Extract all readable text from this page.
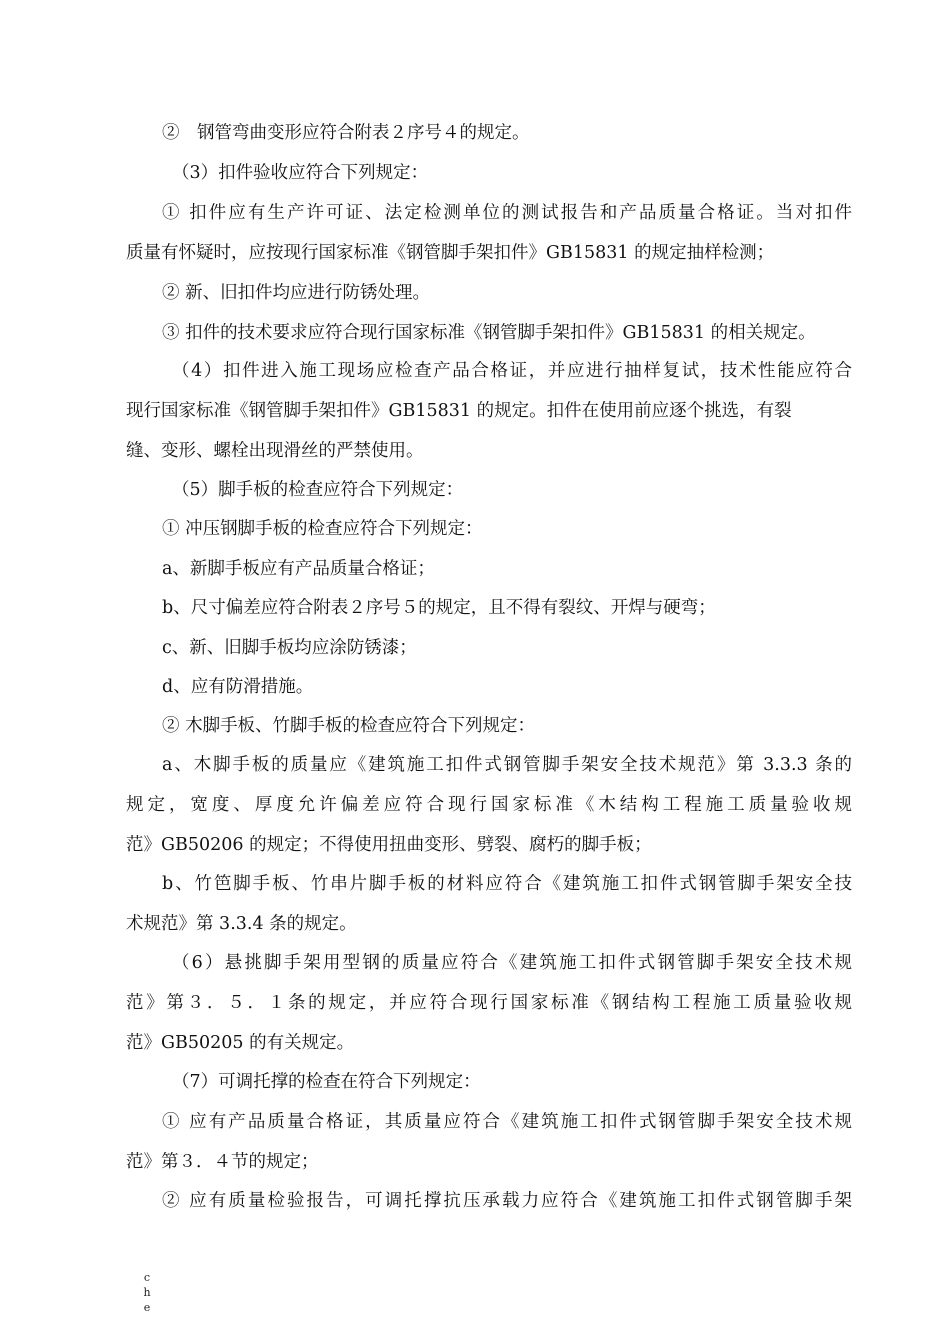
②　钢管弯曲变形应符合附表２序号４的规定。

（3）扣件验收应符合下列规定：

① 扣件应有生产许可证、法定检测单位的测试报告和产品质量合格证。当对扣件
质量有怀疑时，应按现行国家标准《钢管脚手架扣件》GB15831 的规定抽样检测；

② 新、旧扣件均应进行防锈处理。

③ 扣件的技术要求应符合现行国家标准《钢管脚手架扣件》GB15831 的相关规定。

（4）扣件进入施工现场应检查产品合格证，并应进行抽样复试，技术性能应符合
现行国家标准《钢管脚手架扣件》GB15831 的规定。扣件在使用前应逐个挑选，有裂
缝、变形、螺栓出现滑丝的严禁使用。

（5）脚手板的检查应符合下列规定：

① 冲压钢脚手板的检查应符合下列规定：

a、新脚手板应有产品质量合格证；

b、尺寸偏差应符合附表２序号５的规定，且不得有裂纹、开焊与硬弯；

c、新、旧脚手板均应涂防锈漆；

d、应有防滑措施。

② 木脚手板、竹脚手板的检查应符合下列规定：

a、木脚手板的质量应《建筑施工扣件式钢管脚手架安全技术规范》第 3.3.3 条的
规定，宽度、厚度允许偏差应符合现行国家标准《木结构工程施工质量验收规
范》GB50206 的规定；不得使用扭曲变形、劈裂、腐朽的脚手板；

b、竹笆脚手板、竹串片脚手板的材料应符合《建筑施工扣件式钢管脚手架安全技
术规范》第 3.3.4 条的规定。

（6）悬挑脚手架用型钢的质量应符合《建筑施工扣件式钢管脚手架安全技术规
范》第３．５．１条的规定，并应符合现行国家标准《钢结构工程施工质量验收规
范》GB50205 的有关规定。

（7）可调托撑的检查在符合下列规定：

① 应有产品质量合格证，其质量应符合《建筑施工扣件式钢管脚手架安全技术规
范》第３．４节的规定；

② 应有质量检验报告，可调托撑抗压承载力应符合《建筑施工扣件式钢管脚手架

c
h
e
